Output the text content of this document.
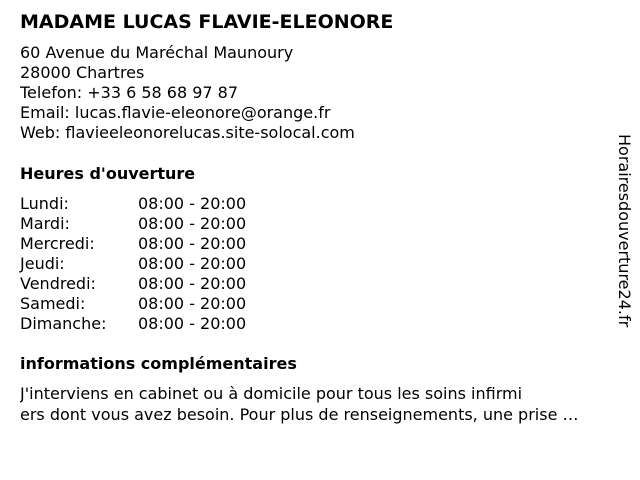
MADAME LUCAS FLAVIE-ELEONORE
60 Avenue du Maréchal Maunoury
28000 Chartres
Telefon: +33 6 58 68 97 87
Email: lucas.flavie-eleonore@orange.fr
Web: flavieeleonorelucas.site-solocal.com
Heures d'ouverture
Lundi:	08:00 - 20:00
Mardi:	08:00 - 20:00
Mercredi:	08:00 - 20:00
Jeudi:	08:00 - 20:00
Vendredi:	08:00 - 20:00
Samedi:	08:00 - 20:00
Dimanche: 08:00 - 20:00
informations complémentaires
J'interviens en cabinet ou à domicile pour tous les soins infirmi
ers dont vous avez besoin. Pour plus de renseignements, une prise …
Horairesdouverture24.fr
